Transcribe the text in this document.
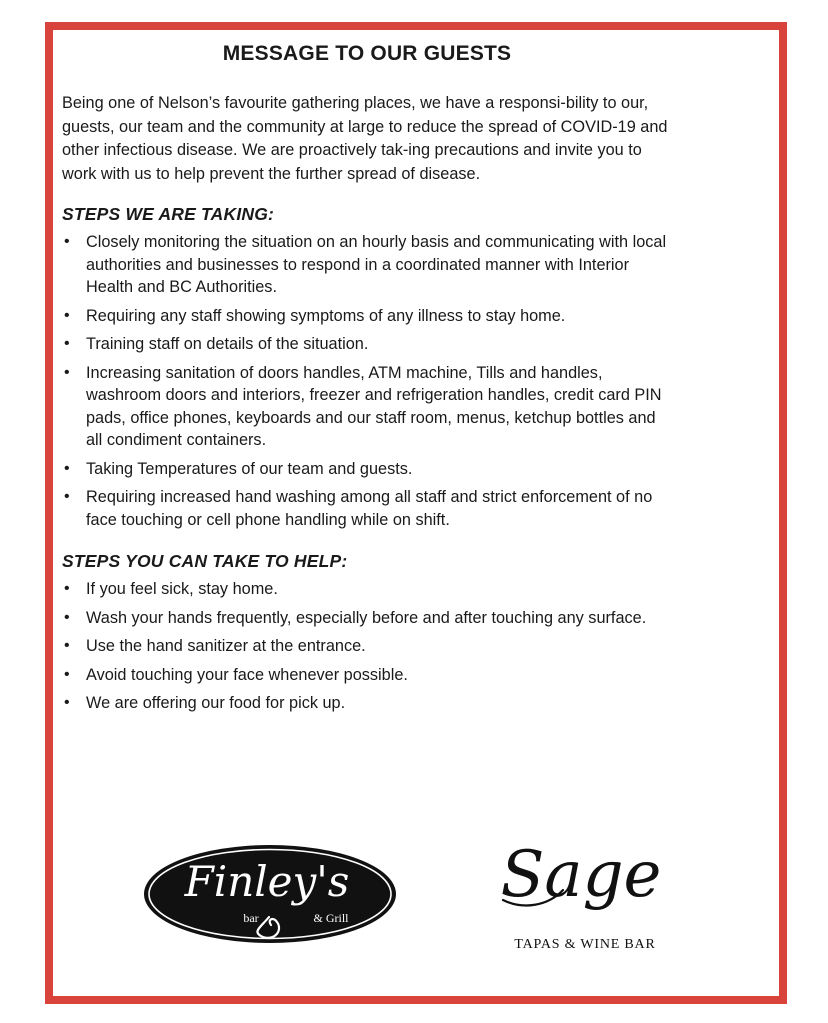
MESSAGE TO OUR GUESTS

Being one of Nelson’s favourite gathering places, we have a responsi-bility to our, guests, our team and the community at large to reduce the spread of COVID-19 and other infectious disease. We are proactively tak-ing precautions and invite you to work with us to help prevent the further spread of disease.

STEPS WE ARE TAKING:
• Closely monitoring the situation on an hourly basis and communicating with local authorities and businesses to respond in a coordinated manner with Interior Health and BC Authorities.
• Requiring any staff showing symptoms of any illness to stay home.
• Training staff on details of the situation.
• Increasing sanitation of doors handles, ATM machine, Tills and handles, washroom doors and interiors, freezer and refrigeration handles, credit card PIN pads, office phones, keyboards and our staff room, menus, ketchup bottles and all condiment containers.
• Taking Temperatures of our team and guests.
• Requiring increased hand washing among all staff and strict enforcement of no face touching or cell phone handling while on shift.
STEPS YOU CAN TAKE TO HELP:
• If you feel sick, stay home.
• Wash your hands frequently, especially before and after touching any surface.
• Use the hand sanitizer at the entrance.
• Avoid touching your face whenever possible.
• We are offering our food for pick up.
Finley's
bar	& Grill
Sage
TAPAS & WINE BAR
